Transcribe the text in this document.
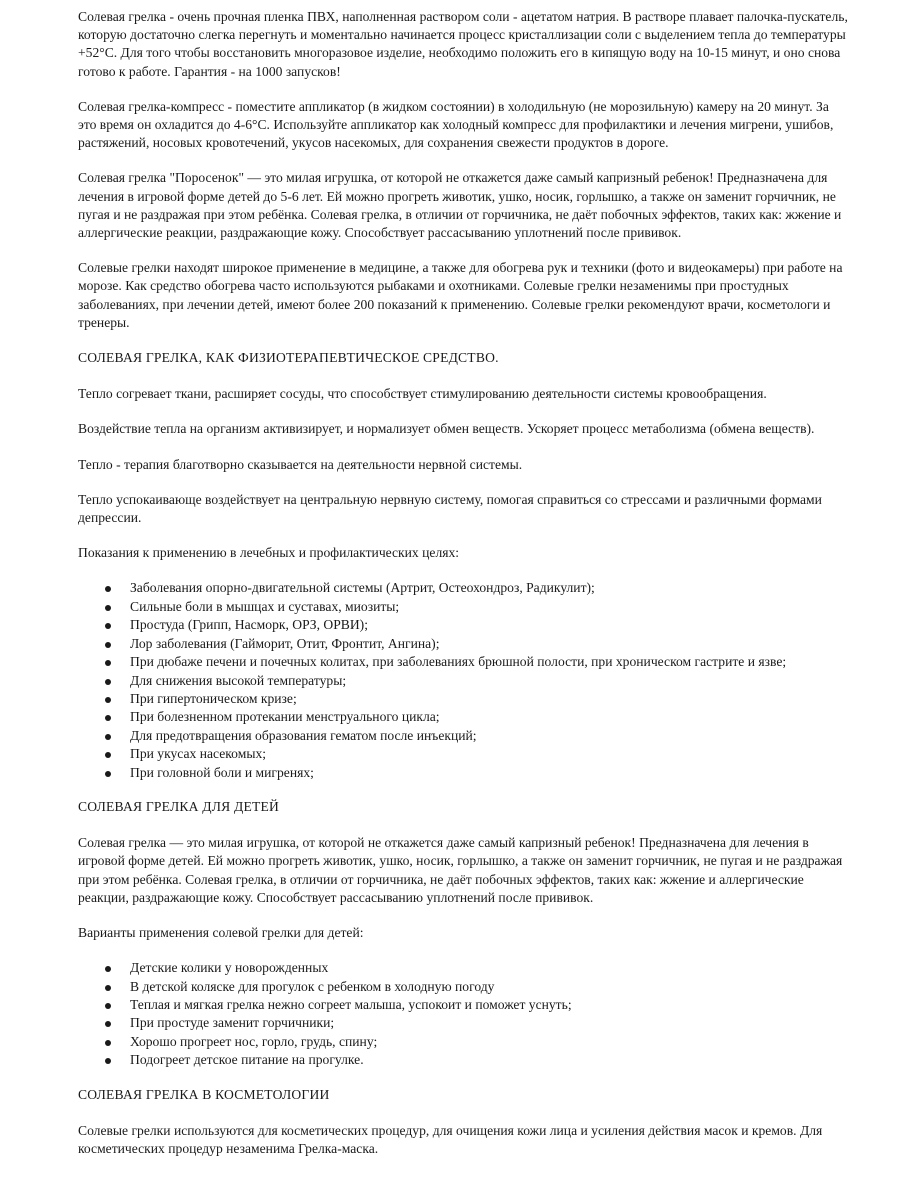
Солевая грелка - очень прочная пленка ПВХ, наполненная раствором соли - ацетатом натрия. В растворе плавает палочка-пускатель, которую достаточно слегка перегнуть и моментально начинается процесс кристаллизации соли с выделением тепла до температуры +52°С. Для того чтобы восстановить многоразовое изделие, необходимо положить его в кипящую воду на 10-15 минут, и оно снова готово к работе. Гарантия - на 1000 запусков!

Солевая грелка-компресс - поместите аппликатор (в жидком состоянии) в холодильную (не морозильную) камеру на 20 минут. За это время он охладится до 4-6°С. Используйте аппликатор как холодный компресс для профилактики и лечения мигрени, ушибов, растяжений, носовых кровотечений, укусов насекомых, для сохранения свежести продуктов в дороге.

Солевая грелка "Поросенок" — это милая игрушка, от которой не откажется даже самый капризный ребенок! Предназначена для лечения в игровой форме детей до 5-6 лет. Ей можно прогреть животик, ушко, носик, горлышко, а также он заменит горчичник, не пугая и не раздражая при этом ребёнка. Солевая грелка, в отличии от горчичника, не даёт побочных эффектов, таких как: жжение и аллергические реакции, раздражающие кожу. Способствует рассасыванию уплотнений после прививок.

Солевые грелки находят широкое применение в медицине, а также для обогрева рук и техники (фото и видеокамеры) при работе на морозе. Как средство обогрева часто используются рыбаками и охотниками. Солевые грелки незаменимы при простудных заболеваниях, при лечении детей, имеют более 200 показаний к применению. Солевые грелки рекомендуют врачи, косметологи и тренеры.

СОЛЕВАЯ ГРЕЛКА, КАК ФИЗИОТЕРАПЕВТИЧЕСКОЕ СРЕДСТВО.

Тепло согревает ткани, расширяет сосуды, что способствует стимулированию деятельности системы кровообращения.

Воздействие тепла на организм активизирует, и нормализует обмен веществ. Ускоряет процесс метаболизма (обмена веществ).

Тепло - терапия благотворно сказывается на деятельности нервной системы.

Тепло успокаивающе воздействует на центральную нервную систему, помогая справиться со стрессами и различными формами депрессии.

Показания к применению в лечебных и профилактических целях:

Заболевания опорно-двигательной системы (Артрит, Остеохондроз, Радикулит);
Сильные боли в мышцах и суставах, миозиты;
Простуда (Грипп, Насморк, ОРЗ, ОРВИ);
Лор заболевания (Гайморит, Отит, Фронтит, Ангина);
При дюбаже печени и почечных колитах, при заболеваниях брюшной полости, при хроническом гастрите и язве;
Для снижения высокой температуры;
При гипертоническом кризе;
При болезненном протекании менструального цикла;
Для предотвращения образования гематом после инъекций;
При укусах насекомых;
При головной боли и мигренях;
СОЛЕВАЯ ГРЕЛКА ДЛЯ ДЕТЕЙ

Солевая грелка — это милая игрушка, от которой не откажется даже самый капризный ребенок! Предназначена для лечения в игровой форме детей. Ей можно прогреть животик, ушко, носик, горлышко, а также он заменит горчичник, не пугая и не раздражая при этом ребёнка. Солевая грелка, в отличии от горчичника, не даёт побочных эффектов, таких как: жжение и аллергические реакции, раздражающие кожу. Способствует рассасыванию уплотнений после прививок.

Варианты применения солевой грелки для детей:

Детские колики у новорожденных
В детской коляске для прогулок с ребенком в холодную погоду
Теплая и мягкая грелка нежно согреет малыша, успокоит и поможет уснуть;
При простуде заменит горчичники;
Хорошо прогреет нос, горло, грудь, спину;
Подогреет детское питание на прогулке.
СОЛЕВАЯ ГРЕЛКА В КОСМЕТОЛОГИИ

Солевые грелки используются для косметических процедур, для очищения кожи лица и усиления действия масок и кремов. Для косметических процедур незаменима Грелка-маска.
